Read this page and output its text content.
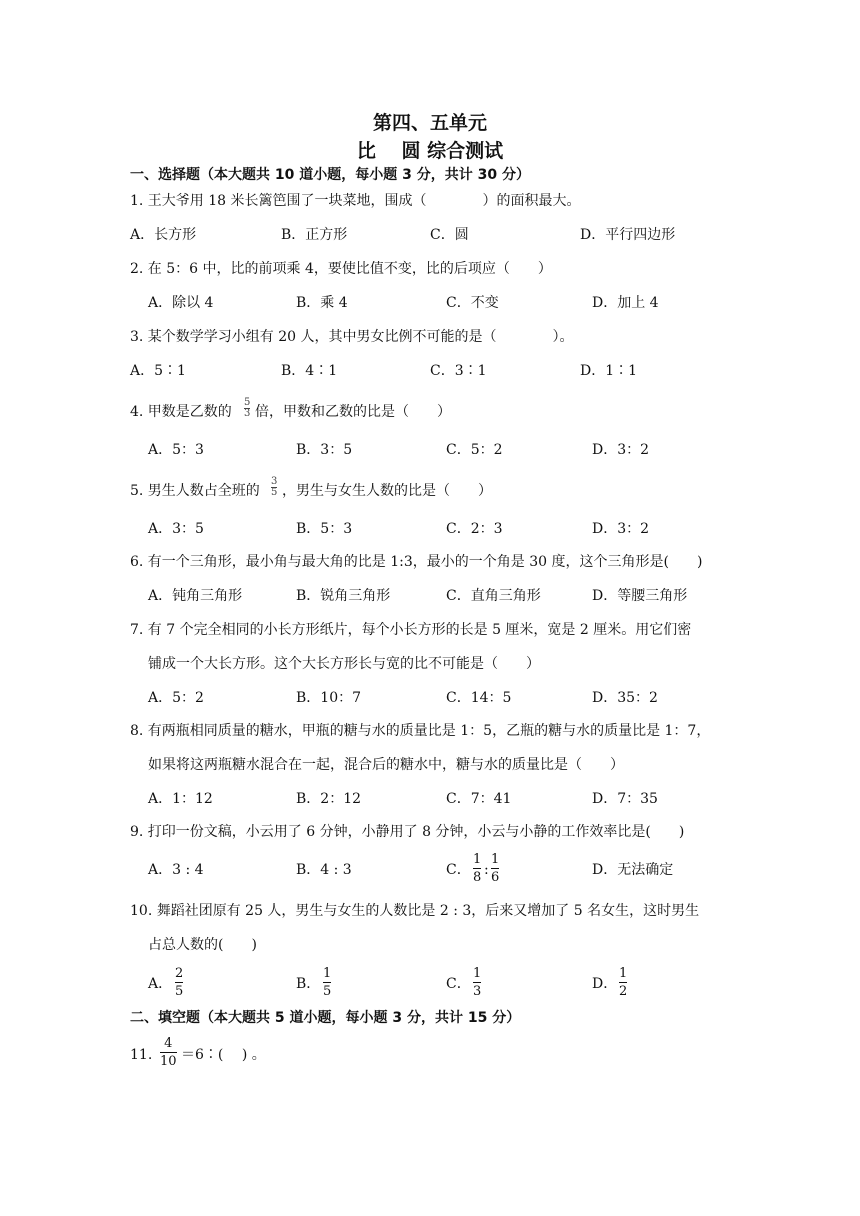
第四、五单元
比　 圆 综合测试
一、选择题（本大题共 10 道小题，每小题 3 分，共计 30 分）
1. 王大爷用 18 米长篱笆围了一块菜地，围成（　　　　）的面积最大。
A．长方形	B．正方形	C．圆	D．平行四边形
2. 在 5：6 中，比的前项乘 4，要使比值不变，比的后项应（　　）
A．除以 4	B．乘 4	C．不变	D．加上 4
3. 某个数学学习小组有 20 人，其中男女比例不可能的是（　　　　）。
A．5∶1	B．4∶1	C．3∶1	D．1∶1
4. 甲数是乙数的
5
3 倍，甲数和乙数的比是（　　）
A．5：3	B．3：5	C．5：2	D．3：2
5. 男生人数占全班的
3
5 ，男生与女生人数的比是（　　）
A．3：5	B．5：3	C．2：3	D．3：2
6. 有一个三角形，最小角与最大角的比是 1:3，最小的一个角是 30 度，这个三角形是(　　)
A．钝角三角形	B．锐角三角形	C．直角三角形	D．等腰三角形
7. 有 7 个完全相同的小长方形纸片，每个小长方形的长是 5 厘米，宽是 2 厘米。用它们密
铺成一个大长方形。这个大长方形长与宽的比不可能是（　　）
A．5：2	B．10：7	C．14：5	D．35：2
8. 有两瓶相同质量的糖水，甲瓶的糖与水的质量比是 1：5，乙瓶的糖与水的质量比是 1：7，
如果将这两瓶糖水混合在一起，混合后的糖水中，糖与水的质量比是（　　）
A．1：12	B．2：12	C．7：41	D．7：35
9. 打印一份文稿，小云用了 6 分钟，小静用了 8 分钟，小云与小静的工作效率比是(　　)
A．3 : 4	B．4 : 3	C．
1
8 :
1
6	D．无法确定
10. 舞蹈社团原有 25 人，男生与女生的人数比是 2 : 3，后来又增加了 5 名女生，这时男生
占总人数的(　　)
A．
2
5	B．
1
5	C．
1
3	D．
1
2
二、填空题（本大题共 5 道小题，每小题 3 分，共计 15 分）
11.
4
10 ＝6∶(　 ) 。
